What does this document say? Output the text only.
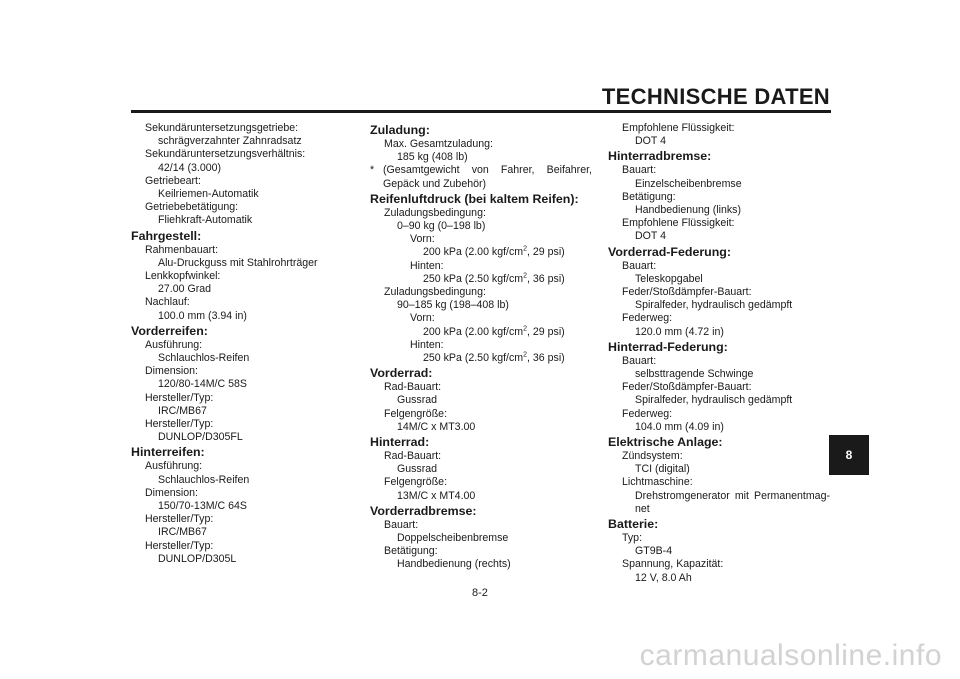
TECHNISCHE DATEN
Sekundäruntersetzungsgetriebe:
schrägverzahnter Zahnradsatz
Sekundäruntersetzungsverhältnis:
42/14 (3.000)
Getriebeart:
Keilriemen-Automatik
Getriebebetätigung:
Fliehkraft-Automatik
Fahrgestell:
Rahmenbauart:
Alu-Druckguss mit Stahlrohrträger
Lenkkopfwinkel:
27.00 Grad
Nachlauf:
100.0 mm (3.94 in)
Vorderreifen:
Ausführung:
Schlauchlos-Reifen
Dimension:
120/80-14M/C 58S
Hersteller/Typ:
IRC/MB67
Hersteller/Typ:
DUNLOP/D305FL
Hinterreifen:
Ausführung:
Schlauchlos-Reifen
Dimension:
150/70-13M/C 64S
Hersteller/Typ:
IRC/MB67
Hersteller/Typ:
DUNLOP/D305L
Zuladung:
Max. Gesamtzuladung:
185 kg (408 lb)
* (Gesamtgewicht von Fahrer, Beifahrer,
Gepäck und Zubehör)
Reifenluftdruck (bei kaltem Reifen):
Zuladungsbedingung:
0–90 kg (0–198 lb)
Vorn:
200 kPa (2.00 kgf/$cm^2$, 29 psi)
Hinten:
250 kPa (2.50 kgf/$cm^2$, 36 psi)
Zuladungsbedingung:
90–185 kg (198–408 lb)
Vorn:
200 kPa (2.00 kgf/$cm^2$, 29 psi)
Hinten:
250 kPa (2.50 kgf/$cm^2$, 36 psi)
Vorderrad:
Rad-Bauart:
Gussrad
Felgengröße:
14M/C x MT3.00
Hinterrad:
Rad-Bauart:
Gussrad
Felgengröße:
13M/C x MT4.00
Vorderradbremse:
Bauart:
Doppelscheibenbremse
Betätigung:
Handbedienung (rechts)
Empfohlene Flüssigkeit:
DOT 4
Hinterradbremse:
Bauart:
Einzelscheibenbremse
Betätigung:
Handbedienung (links)
Empfohlene Flüssigkeit:
DOT 4
Vorderrad-Federung:
Bauart:
Teleskopgabel
Feder/Stoßdämpfer-Bauart:
Spiralfeder, hydraulisch gedämpft
Federweg:
120.0 mm (4.72 in)
Hinterrad-Federung:
Bauart:
selbsttragende Schwinge
Feder/Stoßdämpfer-Bauart:
Spiralfeder, hydraulisch gedämpft
Federweg:
104.0 mm (4.09 in)
Elektrische Anlage:
Zündsystem:
TCI (digital)
Lichtmaschine:
Drehstromgenerator mit Permanentmag-
net
Batterie:
Typ:
GT9B-4
Spannung, Kapazität:
12 V, 8.0 Ah
8
8-2
carmanualsonline.info
